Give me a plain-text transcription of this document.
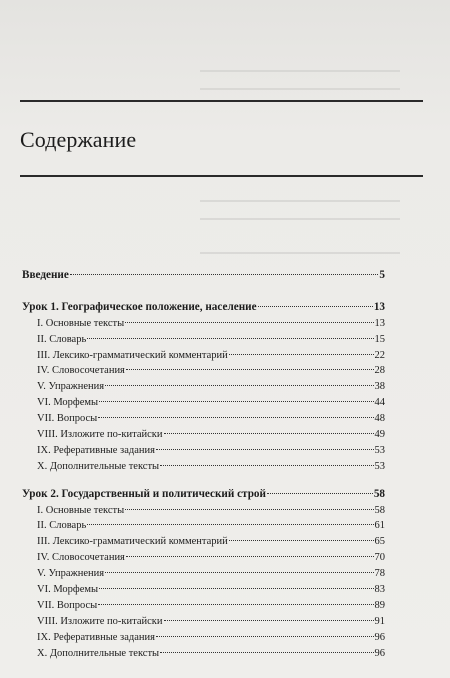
Содержание
Введение	5
Урок 1. Географическое положение, население	13
I. Основные тексты	13
II. Словарь	15
III. Лексико-грамматический комментарий	22
IV. Словосочетания	28
V. Упражнения	38
VI. Морфемы	44
VII. Вопросы	48
VIII. Изложите по-китайски	49
IX. Реферативные задания	53
X. Дополнительные тексты	53
Урок 2. Государственный и политический строй	58
I. Основные тексты	58
II. Словарь	61
III. Лексико-грамматический комментарий	65
IV. Словосочетания	70
V. Упражнения	78
VI. Морфемы	83
VII. Вопросы	89
VIII. Изложите по-китайски	91
IX. Реферативные задания	96
X. Дополнительные тексты	96
